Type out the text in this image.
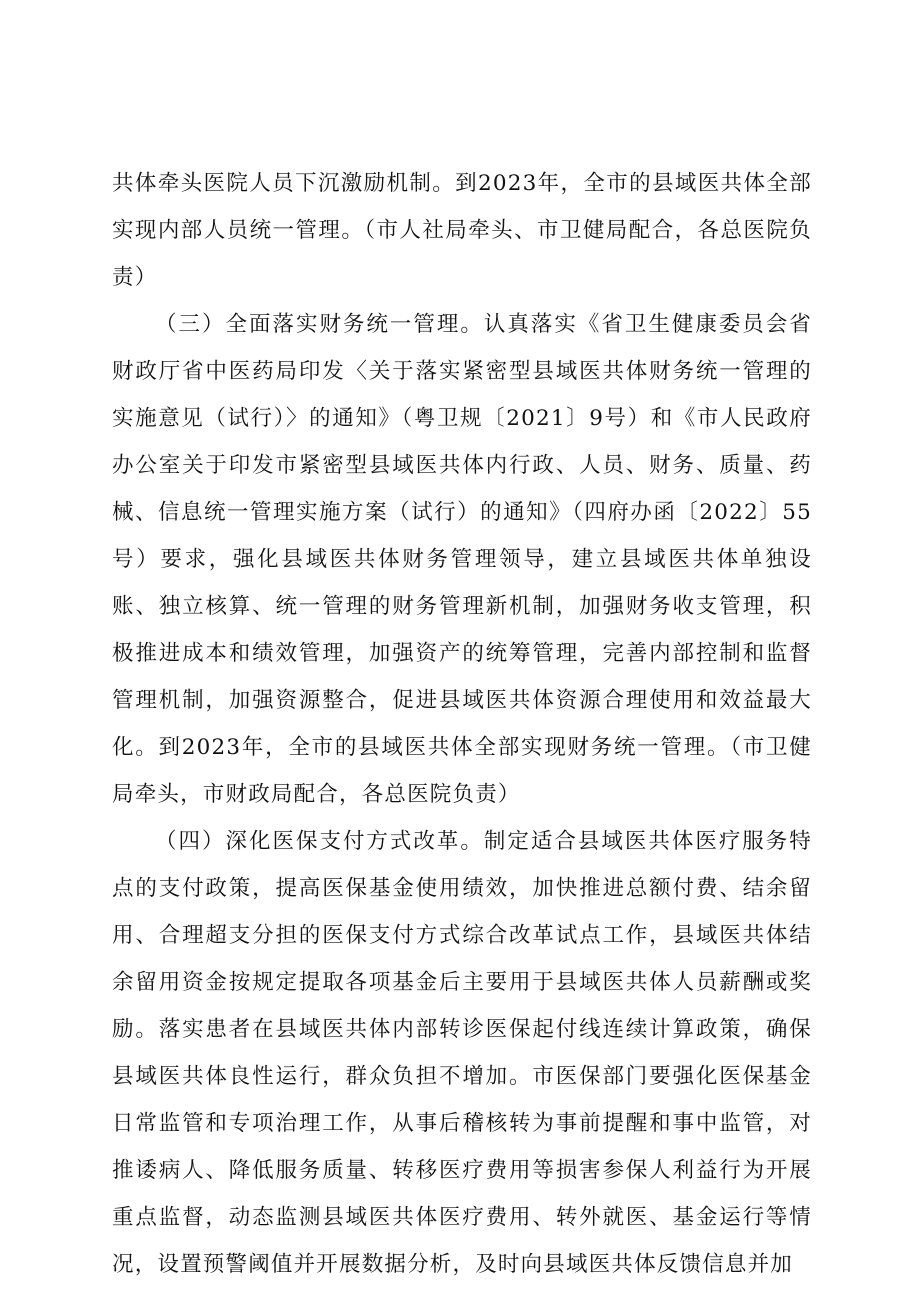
共体牵头医院人员下沉激励机制。到2023年，全市的县域医共体全部实现内部人员统一管理。（市人社局牵头、市卫健局配合，各总医院负责）

（三）全面落实财务统一管理。认真落实《省卫生健康委员会省财政厅省中医药局印发〈关于落实紧密型县域医共体财务统一管理的实施意见（试行）〉的通知》（粤卫规〔2021〕9号）和《市人民政府办公室关于印发市紧密型县域医共体内行政、人员、财务、质量、药械、信息统一管理实施方案（试行）的通知》（四府办函〔2022〕55号）要求，强化县域医共体财务管理领导，建立县域医共体单独设账、独立核算、统一管理的财务管理新机制，加强财务收支管理，积极推进成本和绩效管理，加强资产的统筹管理，完善内部控制和监督管理机制，加强资源整合，促进县域医共体资源合理使用和效益最大化。到2023年，全市的县域医共体全部实现财务统一管理。（市卫健局牵头，市财政局配合，各总医院负责）

（四）深化医保支付方式改革。制定适合县域医共体医疗服务特点的支付政策，提高医保基金使用绩效，加快推进总额付费、结余留用、合理超支分担的医保支付方式综合改革试点工作，县域医共体结余留用资金按规定提取各项基金后主要用于县域医共体人员薪酬或奖励。落实患者在县域医共体内部转诊医保起付线连续计算政策，确保县域医共体良性运行，群众负担不增加。市医保部门要强化医保基金日常监管和专项治理工作，从事后稽核转为事前提醒和事中监管，对推诿病人、降低服务质量、转移医疗费用等损害参保人利益行为开展重点监督，动态监测县域医共体医疗费用、转外就医、基金运行等情况，设置预警阈值并开展数据分析，及时向县域医共体反馈信息并加
